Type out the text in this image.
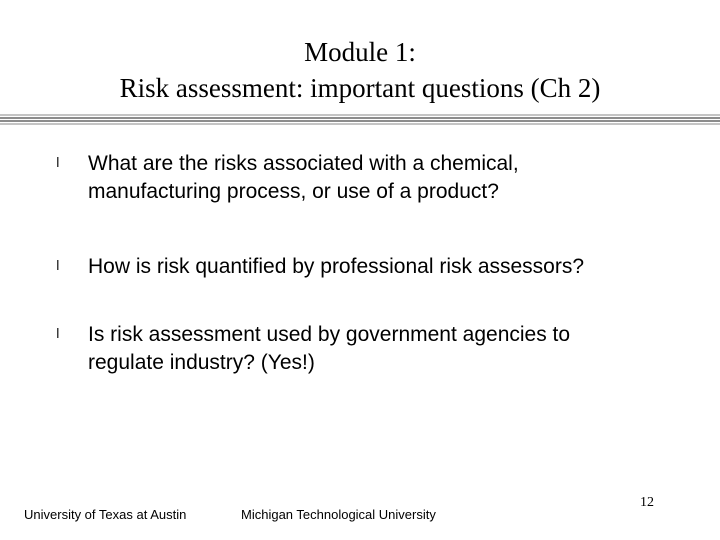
Module 1:
Risk assessment: important questions (Ch 2)
l What are the risks associated with a chemical,
manufacturing process, or use of a product?
l How is risk quantified by professional risk assessors?
l Is risk assessment used by government agencies to
regulate industry? (Yes!)
University of Texas at Austin	Michigan Technological University
12
